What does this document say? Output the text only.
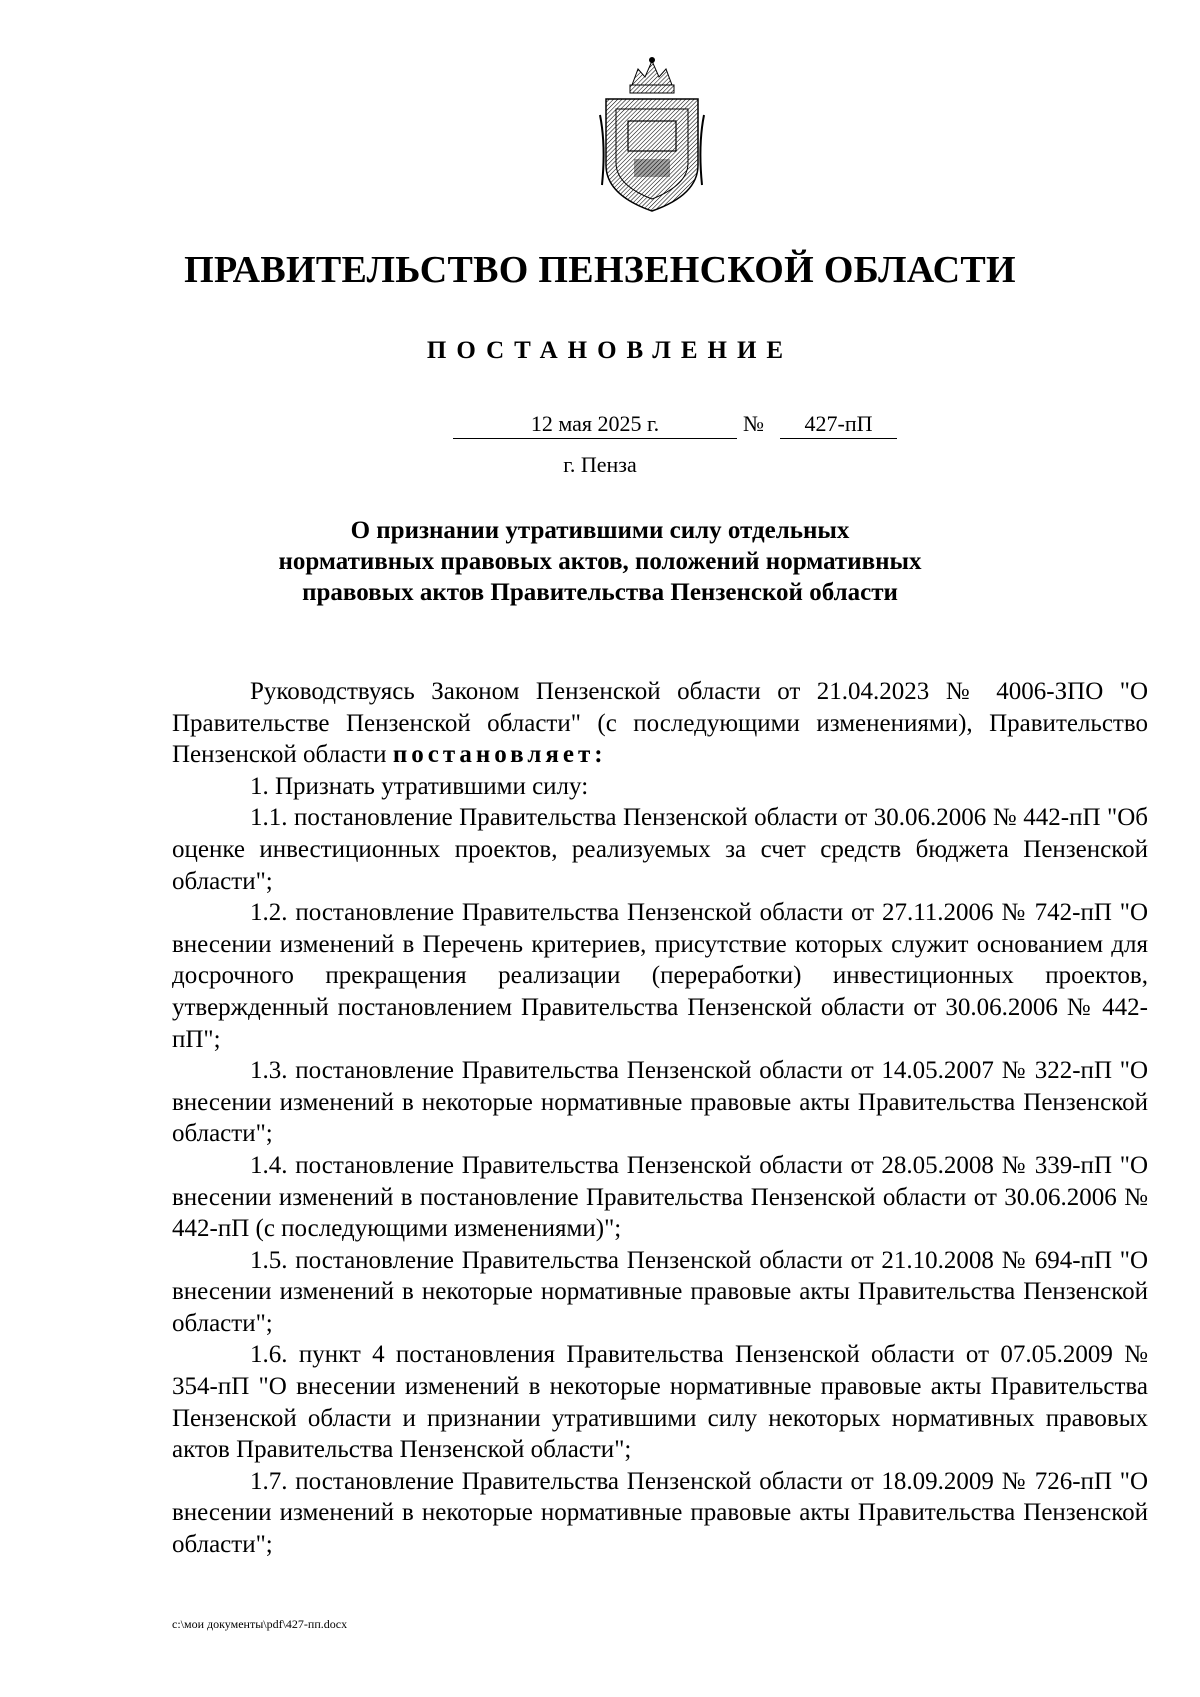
ПРАВИТЕЛЬСТВО ПЕНЗЕНСКОЙ ОБЛАСТИ
ПОСТАНОВЛЕНИЕ
12 мая 2025 г.	№	427-пП
г. Пенза
О признании утратившими силу отдельных
нормативных правовых актов, положений нормативных
правовых актов Правительства Пензенской области

Руководствуясь Законом Пензенской области от 21.04.2023 № 4006-ЗПО "О Правительстве Пензенской области" (с последующими изменениями), Правительство Пензенской области постановляет:

1. Признать утратившими силу:

1.1. постановление Правительства Пензенской области от 30.06.2006 № 442-пП "Об оценке инвестиционных проектов, реализуемых за счет средств бюджета Пензенской области";

1.2. постановление Правительства Пензенской области от 27.11.2006 № 742-пП "О внесении изменений в Перечень критериев, присутствие которых служит основанием для досрочного прекращения реализации (переработки) инвестиционных проектов, утвержденный постановлением Правительства Пензенской области от 30.06.2006 № 442-пП";

1.3. постановление Правительства Пензенской области от 14.05.2007 № 322-пП "О внесении изменений в некоторые нормативные правовые акты Правительства Пензенской области";

1.4. постановление Правительства Пензенской области от 28.05.2008 № 339-пП "О внесении изменений в постановление Правительства Пензенской области от 30.06.2006 № 442-пП (с последующими изменениями)";

1.5. постановление Правительства Пензенской области от 21.10.2008 № 694-пП "О внесении изменений в некоторые нормативные правовые акты Правительства Пензенской области";

1.6. пункт 4 постановления Правительства Пензенской области от 07.05.2009 № 354-пП "О внесении изменений в некоторые нормативные правовые акты Правительства Пензенской области и признании утратившими силу некоторых нормативных правовых актов Правительства Пензенской области";

1.7. постановление Правительства Пензенской области от 18.09.2009 № 726-пП "О внесении изменений в некоторые нормативные правовые акты Правительства Пензенской области";

c:\мои документы\pdf\427-пп.docx
